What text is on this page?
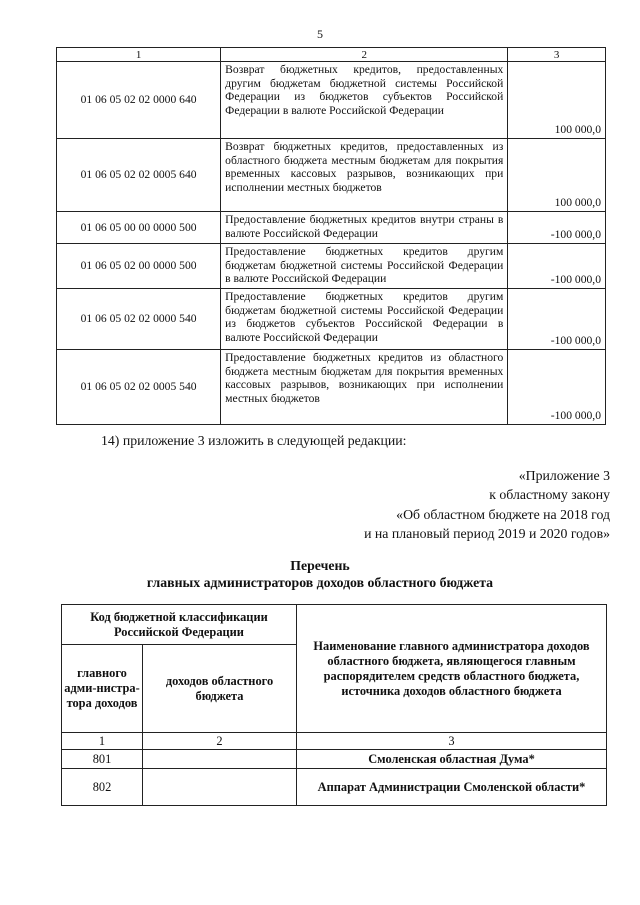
5
1	2	3
01 06 05 02 02 0000 640	Возврат бюджетных кредитов, предоставленных другим бюджетам бюджетной системы Российской Федерации из бюджетов субъектов Российской Федерации в валюте Российской Федерации	100 000,0
01 06 05 02 02 0005 640	Возврат бюджетных кредитов, предоставленных из областного бюджета местным бюджетам для покрытия временных кассовых разрывов, возникающих при исполнении местных бюджетов	100 000,0
01 06 05 00 00 0000 500	Предоставление бюджетных кредитов внутри страны в валюте Российской Федерации	-100 000,0
01 06 05 02 00 0000 500	Предоставление бюджетных кредитов другим бюджетам бюджетной системы Российской Федерации в валюте Российской Федерации	-100 000,0
01 06 05 02 02 0000 540	Предоставление бюджетных кредитов другим бюджетам бюджетной системы Российской Федерации из бюджетов субъектов Российской Федерации в валюте Российской Федерации	-100 000,0
01 06 05 02 02 0005 540	Предоставление бюджетных кредитов из областного бюджета местным бюджетам для покрытия временных кассовых разрывов, возникающих при исполнении местных бюджетов	-100 000,0
14) приложение 3 изложить в следующей редакции:
«Приложение 3
к областному закону
«Об областном бюджете на 2018 год
и на плановый период 2019 и 2020 годов»
Перечень
главных администраторов доходов областного бюджета
Код бюджетной классификации Российской Федерации		Наименование главного администратора доходов областного бюджета, являющегося главным распорядителем средств областного бюджета, источника доходов областного бюджета
главного адми-нистра-тора доходов	доходов областного бюджета	
1	2	3
801		Смоленская областная Дума*
802		Аппарат Администрации Смоленской области*
